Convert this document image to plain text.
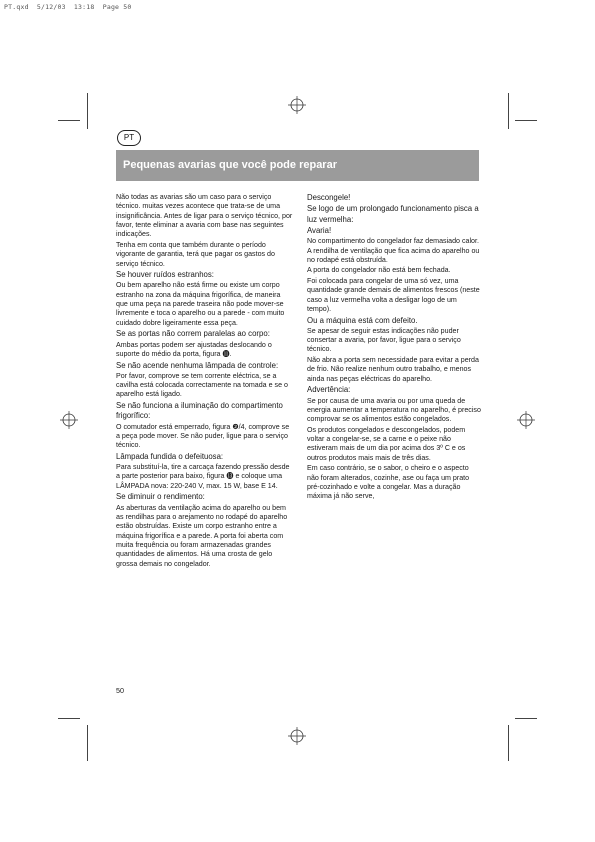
PT.qxd  5/12/03  13:18  Page 50
PT
Pequenas avarias que você pode reparar

Não todas as avarias são um caso para o serviço técnico. muitas vezes acontece que trata-se de uma insignificância. Antes de ligar para o serviço técnico, por favor, tente eliminar a avaria com base nas seguintes indicações.

Tenha em conta que também durante o período vigorante de garantia, terá que pagar os gastos do serviço técnico.

Se houver ruídos estranhos:

Ou bem aparelho não está firme ou existe um corpo estranho na zona da máquina frigorífica, de maneira que uma peça na parede traseira não pode mover-se livremente e toca o aparelho ou a parede - com muito cuidado dobre ligeiramente essa peça.

Se as portas não correm paralelas ao corpo:

Ambas portas podem ser ajustadas deslocando o suporte do médio da porta, figura ⓫.

Se não acende nenhuma lâmpada de controle:

Por favor, comprove se tem corrente eléctrica, se a cavilha está colocada correctamente na tomada e se o aparelho está ligado.

Se não funciona a iluminação do compartimento frigorífico:

O comutador está emperrado, figura ❷/4, comprove se a peça pode mover. Se não puder, ligue para o serviço técnico.

Lâmpada fundida o defeituosa:

Para substituí-la, tire a carcaça fazendo pressão desde a parte posterior para baixo, figura ⓭ e coloque uma LÂMPADA nova: 220-240 V, max. 15 W, base E 14.

Se diminuir o rendimento:

As aberturas da ventilação acima do aparelho ou bem as rendilhas para o arejamento no rodapé do aparelho estão obstruídas. Existe um corpo estranho entre a máquina frigorífica e a parede. A porta foi aberta com muita frequência ou foram armazenadas grandes quantidades de alimentos. Há uma crosta de gelo grossa demais no congelador.

Descongele!

Se logo de um prolongado funcionamento pisca a luz vermelha:

Avaria!

No compartimento do congelador faz demasiado calor. A rendilha de ventilação que fica acima do aparelho ou no rodapé está obstruída.

A porta do congelador não está bem fechada.

Foi colocada para congelar de uma só vez, uma quantidade grande demais de alimentos frescos (neste caso a luz vermelha volta a desligar logo de um tempo).

Ou a máquina está com defeito.

Se apesar de seguir estas indicações não puder consertar a avaria, por favor, ligue para o serviço técnico.

Não abra a porta sem necessidade para evitar a perda de frio. Não realize nenhum outro trabalho, e menos ainda nas peças eléctricas do aparelho.

Advertência:

Se por causa de uma avaria ou por uma queda de energia aumentar a temperatura no aparelho, é preciso comprovar se os alimentos estão congelados.

Os produtos congelados e descongelados, podem voltar a congelar-se, se a carne e o peixe não estiveram mais de um dia por acima dos 3º C e os outros produtos mais mais de três dias.

Em caso contrário, se o sabor, o cheiro e o aspecto não foram alterados, cozinhe, ase ou faça um prato pré-cozinhado e volte a congelar. Mas a duração máxima já não serve,

50
